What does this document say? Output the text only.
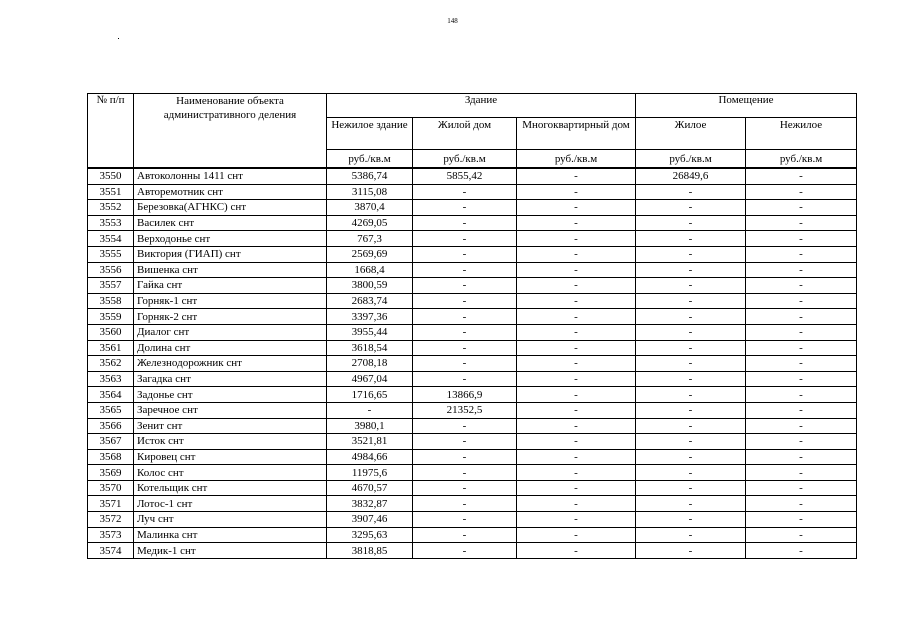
148
№ п/п	Наименование объекта административного деления	Здание			Помещение	
		Нежилое здание	Жилой дом	Многоквартирный дом	Жилое	Нежилое
		руб./кв.м	руб./кв.м	руб./кв.м	руб./кв.м	руб./кв.м
3550	Автоколонны 1411 снт	5386,74	5855,42	-	26849,6	-
3551	Авторемотник снт	3115,08	-	-	-	-
3552	Березовка(АГНКС) снт	3870,4	-	-	-	-
3553	Василек снт	4269,05	-	-	-	-
3554	Верходонье снт	767,3	-	-	-	-
3555	Виктория (ГИАП) снт	2569,69	-	-	-	-
3556	Вишенка снт	1668,4	-	-	-	-
3557	Гайка снт	3800,59	-	-	-	-
3558	Горняк-1 снт	2683,74	-	-	-	-
3559	Горняк-2 снт	3397,36	-	-	-	-
3560	Диалог снт	3955,44	-	-	-	-
3561	Долина снт	3618,54	-	-	-	-
3562	Железнодорожник снт	2708,18	-	-	-	-
3563	Загадка снт	4967,04	-	-	-	-
3564	Задонье снт	1716,65	13866,9	-	-	-
3565	Заречное снт	-	21352,5	-	-	-
3566	Зенит снт	3980,1	-	-	-	-
3567	Исток снт	3521,81	-	-	-	-
3568	Кировец снт	4984,66	-	-	-	-
3569	Колос снт	11975,6	-	-	-	-
3570	Котельщик снт	4670,57	-	-	-	-
3571	Лотос-1 снт	3832,87	-	-	-	-
3572	Луч снт	3907,46	-	-	-	-
3573	Малинка снт	3295,63	-	-	-	-
3574	Медик-1 снт	3818,85	-	-	-	-
